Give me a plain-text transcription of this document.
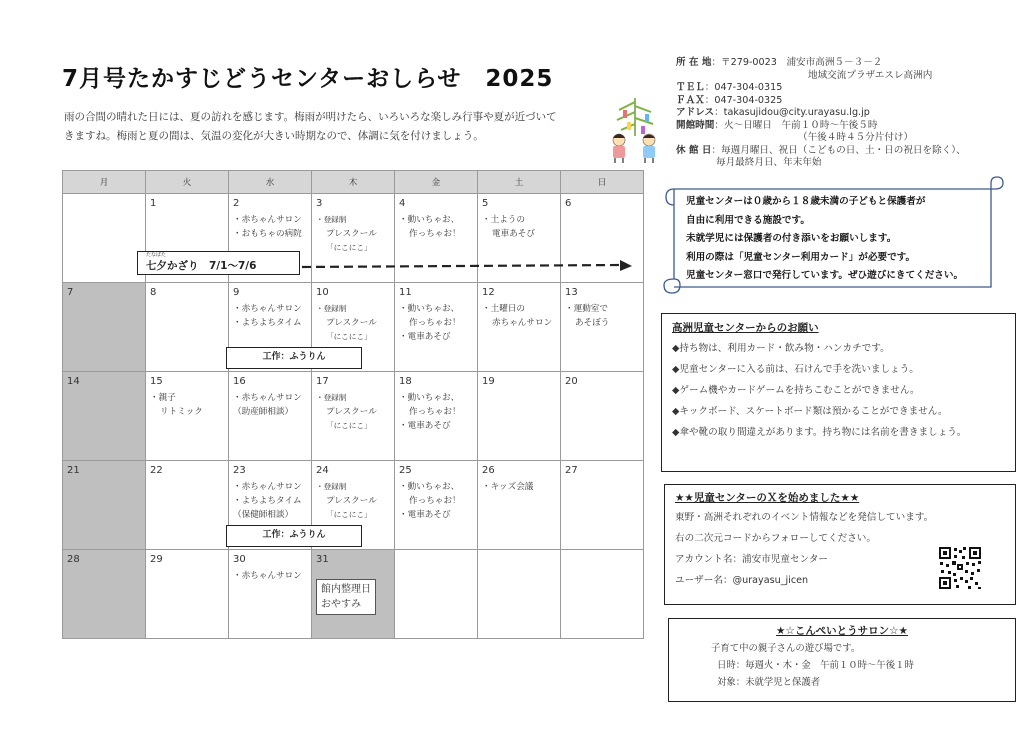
7月号たかすじどうセンターおしらせ　2025
雨の合間の晴れた日には、夏の訪れを感じます。梅雨が明けたら、いろいろな楽しみ行事や夏が近づいて
きますね。梅雨と夏の間は、気温の変化が大きい時期なので、体調に気を付けましょう。
所 在 地 ：〒279-0023　浦安市高洲５－３－２
地域交流プラザエスレ高洲内
ＴＥＬ ：047-304-0315
ＦＡＸ ：047-304-0325
アドレス ：takasujidou@city.urayasu.lg.jp
開館時間 ：火～日曜日　午前１０時～午後５時
（午後４時４５分片付け）
休 館 日 ：毎週月曜日、祝日（こどもの日、土・日の祝日を除く）、
毎月最終月日、年末年始
月	火	水	木	金	土	日

	1	2
・赤ちゃんサロン
・おもちゃの病院	3
・登録制
プレスクール
「にこにこ」	4
・動いちゃお、
作っちゃお！	5
・土ようの
電車あそび	6

7	8	9
・赤ちゃんサロン
・よちよちタイム	10
・登録制
プレスクール
「にこにこ」	11
・動いちゃお、
作っちゃお！
・電車あそび	12
・土曜日の
赤ちゃんサロン	13
・運動室で
あそぼう

14	15
・親子
リトミック	16
・赤ちゃんサロン
（助産師相談）	17
・登録制
プレスクール
「にこにこ」	18
・動いちゃお、
作っちゃお！
・電車あそび	19	20

21	22	23
・赤ちゃんサロン
・よちよちタイム
（保健師相談）	24
・登録制
プレスクール
「にこにこ」	25
・動いちゃお、
作っちゃお！
・電車あそび	26
・キッズ会議	27

28	29	30
・赤ちゃんサロン	31
館内整理日
おやすみ			
たなばた
七夕かざり　7/1～7/6
工作：ふうりん
工作：ふうりん
児童センターは０歳から１８歳未満の子どもと保護者が
自由に利用できる施設です。
未就学児には保護者の付き添いをお願いします。
利用の際は「児童センター利用カード」が必要です。
児童センター窓口で発行しています。ぜひ遊びにきてください。
高洲児童センターからのお願い
◆持ち物は、利用カード・飲み物・ハンカチです。
◆児童センターに入る前は、石けんで手を洗いましょう。
◆ゲーム機やカードゲームを持ちこむことができません。
◆キックボード、スケートボード類は預かることができません。
◆傘や靴の取り間違えがあります。持ち物には名前を書きましょう。
★★児童センターのＸを始めました★★
東野・高洲それぞれのイベント情報などを発信しています。
右の二次元コードからフォローしてください。
アカウント名：浦安市児童センター
ユーザー名：@urayasu_jicen
★☆こんぺいとうサロン☆★
子育て中の親子さんの遊び場です。
日時：毎週火・木・金　午前１０時～午後１時
対象：未就学児と保護者
